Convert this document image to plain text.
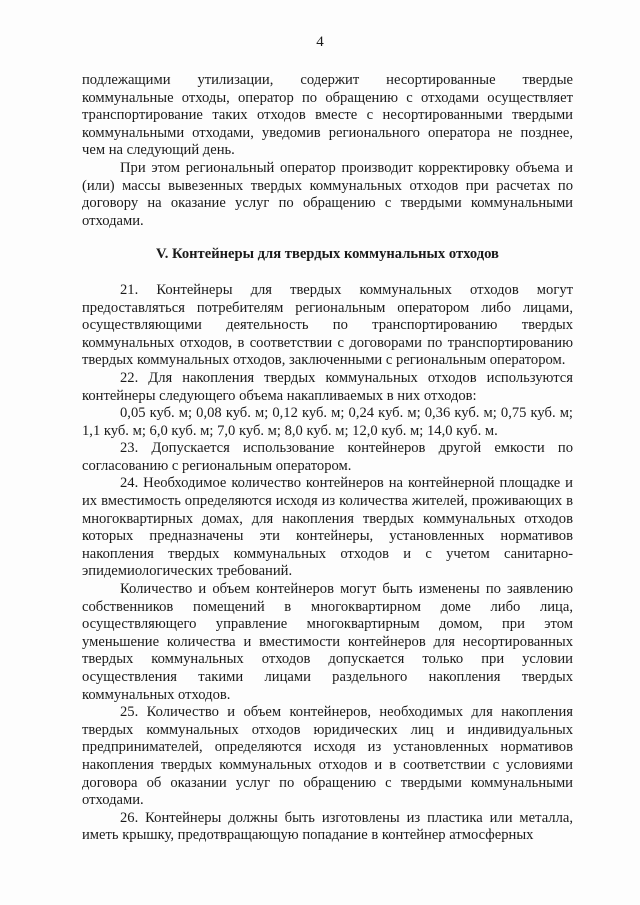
4

подлежащими утилизации, содержит несортированные твердые коммунальные отходы, оператор по обращению с отходами осуществляет транспортирование таких отходов вместе с несортированными твердыми коммунальными отходами, уведомив регионального оператора не позднее, чем на следующий день.

При этом региональный оператор производит корректировку объема и (или) массы вывезенных твердых коммунальных отходов при расчетах по договору на оказание услуг по обращению с твердыми коммунальными отходами.

V. Контейнеры для твердых коммунальных отходов

21. Контейнеры для твердых коммунальных отходов могут предоставляться потребителям региональным оператором либо лицами, осуществляющими деятельность по транспортированию твердых коммунальных отходов, в соответствии с договорами по транспортированию твердых коммунальных отходов, заключенными с региональным оператором.

22. Для накопления твердых коммунальных отходов используются контейнеры следующего объема накапливаемых в них отходов:

0,05 куб. м; 0,08 куб. м; 0,12 куб. м; 0,24 куб. м; 0,36 куб. м; 0,75 куб. м; 1,1 куб. м; 6,0 куб. м; 7,0 куб. м; 8,0 куб. м; 12,0 куб. м; 14,0 куб. м.

23. Допускается использование контейнеров другой емкости по согласованию с региональным оператором.

24. Необходимое количество контейнеров на контейнерной площадке и их вместимость определяются исходя из количества жителей, проживающих в многоквартирных домах, для накопления твердых коммунальных отходов которых предназначены эти контейнеры, установленных нормативов накопления твердых коммунальных отходов и с учетом санитарно-эпидемиологических требований.

Количество и объем контейнеров могут быть изменены по заявлению собственников помещений в многоквартирном доме либо лица, осуществляющего управление многоквартирным домом, при этом уменьшение количества и вместимости контейнеров для несортированных твердых коммунальных отходов допускается только при условии осуществления такими лицами раздельного накопления твердых коммунальных отходов.

25. Количество и объем контейнеров, необходимых для накопления твердых коммунальных отходов юридических лиц и индивидуальных предпринимателей, определяются исходя из установленных нормативов накопления твердых коммунальных отходов и в соответствии с условиями договора об оказании услуг по обращению с твердыми коммунальными отходами.

26. Контейнеры должны быть изготовлены из пластика или металла, иметь крышку, предотвращающую попадание в контейнер атмосферных
